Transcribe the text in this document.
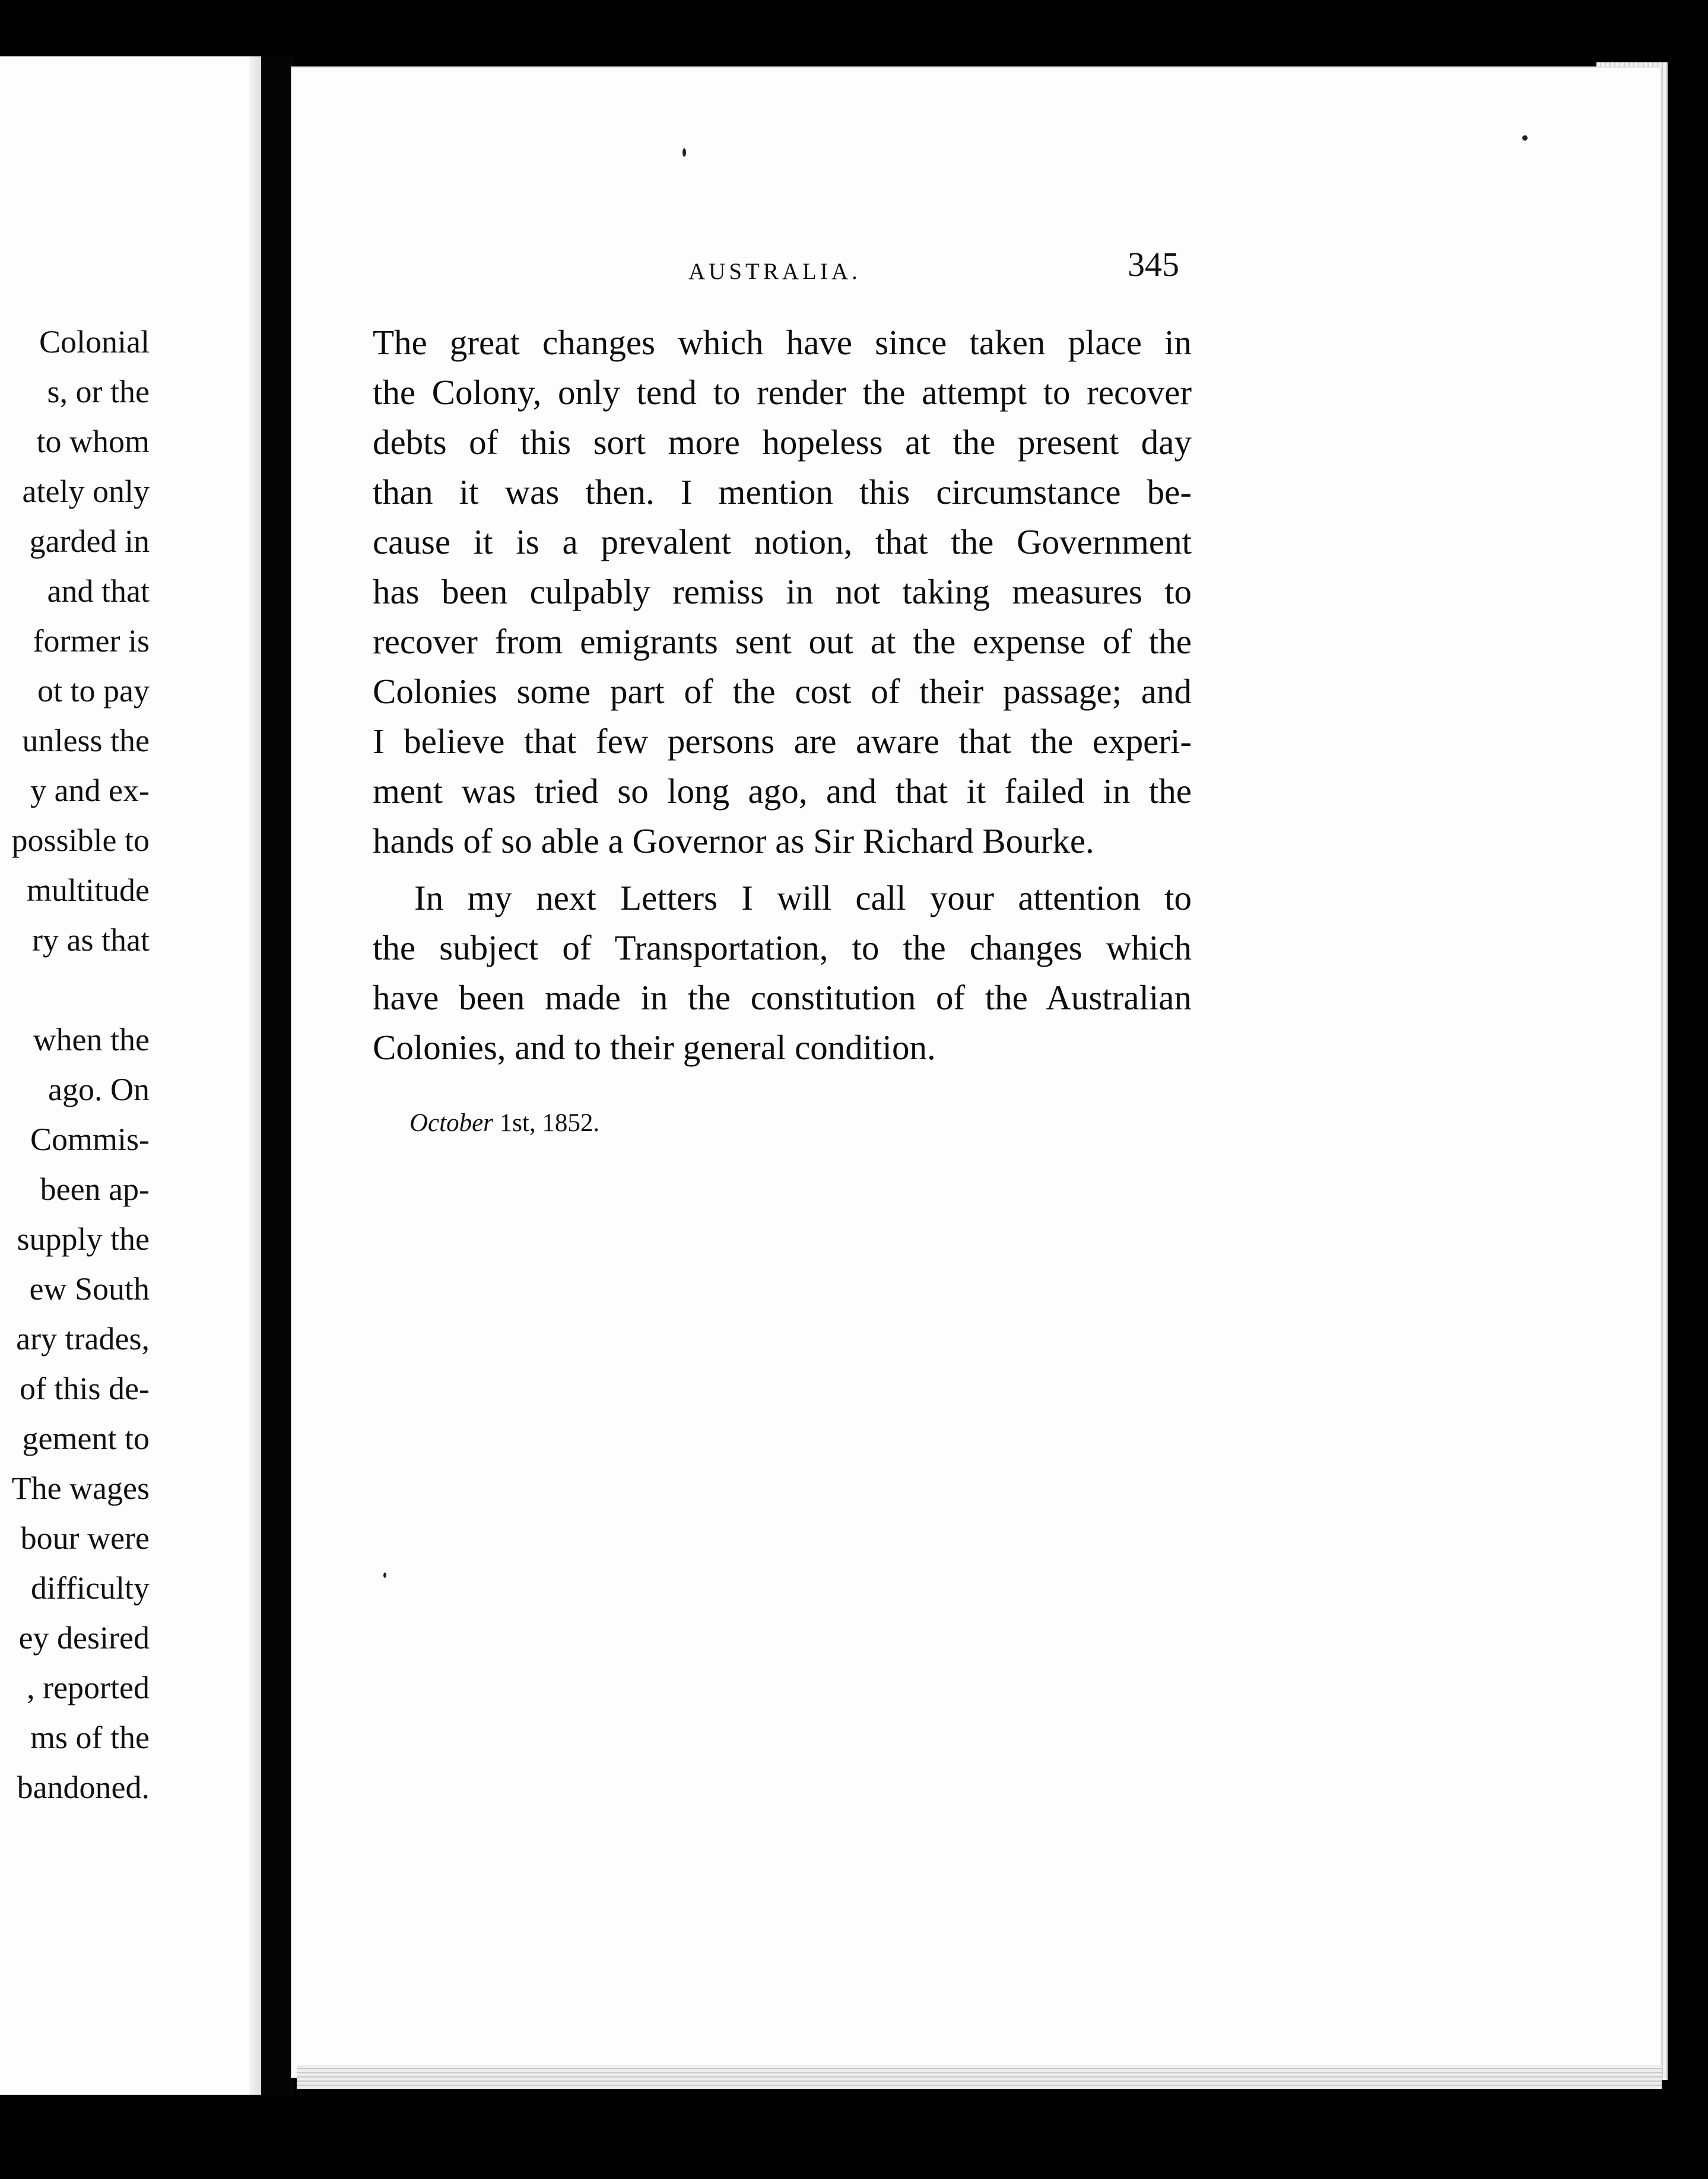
Colonial
s, or the
to whom
ately only
garded in
and that
former is
ot to pay
unless the
y and ex-
possible to
multitude
ry as that
when the
ago. On
Commis-
been ap-
supply the
ew South
ary trades,
of this de-
gement to
The wages
bour were
difficulty
ey desired
, reported
ms of the
bandoned.
AUSTRALIA.	345
The great changes which have since taken place in
the Colony, only tend to render the attempt to recover
debts of this sort more hopeless at the present day
than it was then. I mention this circumstance be-
cause it is a prevalent notion, that the Government
has been culpably remiss in not taking measures to
recover from emigrants sent out at the expense of the
Colonies some part of the cost of their passage; and
I believe that few persons are aware that the experi-
ment was tried so long ago, and that it failed in the
hands of so able a Governor as Sir Richard Bourke.
In my next Letters I will call your attention to
the subject of Transportation, to the changes which
have been made in the constitution of the Australian
Colonies, and to their general condition.
October 1st, 1852.
